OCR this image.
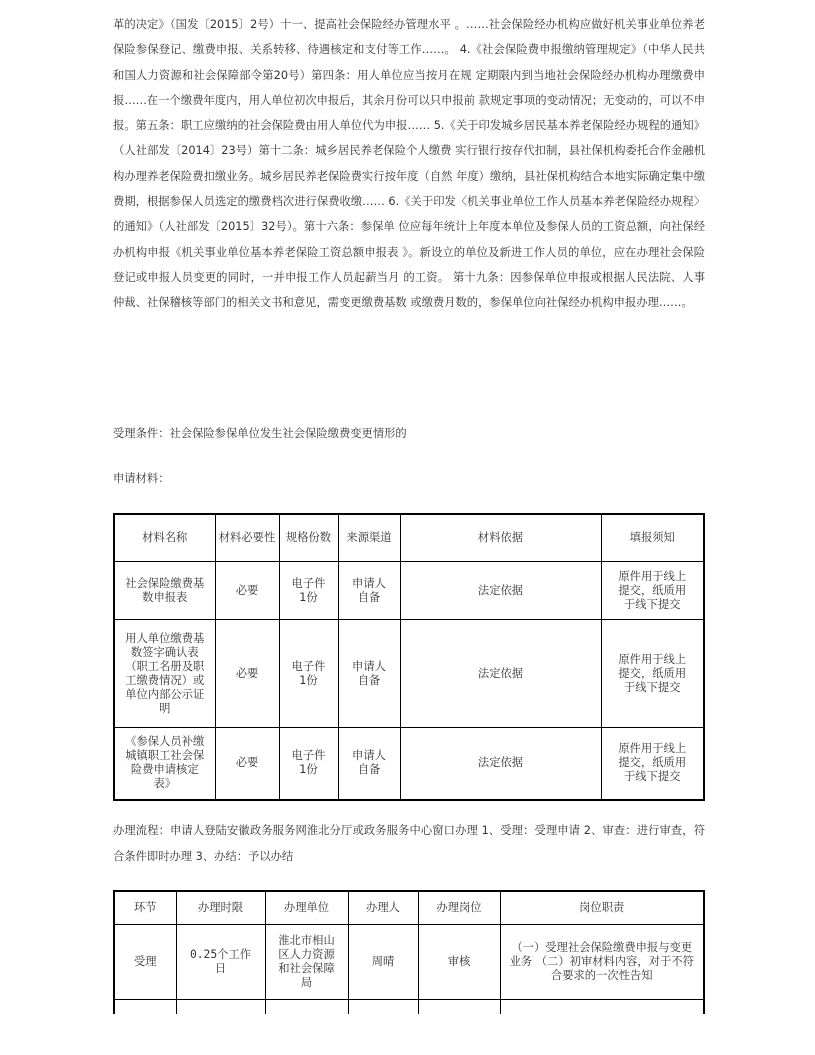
革的决定》（国发〔2015〕2号）十一、提高社会保险经办管理水平 。……社会保险经办机构应做好机关事业单位养老保险参保登记、缴费申报、关系转移、待遇核定和支付等工作……。 4.《社会保险费申报缴纳管理规定》（中华人民共和国人力资源和社会保障部令第20号）第四条：用人单位应当按月在规 定期限内到当地社会保险经办机构办理缴费申报……在一个缴费年度内，用人单位初次申报后，其余月份可以只申报前 款规定事项的变动情况；无变动的，可以不申报。第五条：职工应缴纳的社会保险费由用人单位代为申报…… 5.《关于印发城乡居民基本养老保险经办规程的通知》（人社部发〔2014〕23号）第十二条：城乡居民养老保险个人缴费 实行银行按存代扣制，县社保机构委托合作金融机构办理养老保险费扣缴业务。城乡居民养老保险费实行按年度（自然 年度）缴纳，县社保机构结合本地实际确定集中缴费期，根据参保人员选定的缴费档次进行保费收缴…… 6.《关于印发〈机关事业单位工作人员基本养老保险经办规程〉的通知》（人社部发〔2015〕32号）。第十六条：参保单 位应每年统计上年度本单位及参保人员的工资总额，向社保经办机构申报《机关事业单位基本养老保险工资总额申报表 》。新设立的单位及新进工作人员的单位，应在办理社会保险登记或申报人员变更的同时，一并申报工作人员起薪当月 的工资。 第十九条：因参保单位申报或根据人民法院、人事仲裁、社保稽核等部门的相关文书和意见，需变更缴费基数 或缴费月数的，参保单位向社保经办机构申报办理……。

受理条件：社会保险参保单位发生社会保险缴费变更情形的
申请材料：
材料名称	材料必要性	规格份数	来源渠道	材料依据	填报须知
社会保险缴费基数申报表	必要	电子件1份	申请人自备	法定依据	原件用于线上提交，纸质用于线下提交
用人单位缴费基数签字确认表（职工名册及职工缴费情况）或单位内部公示证明	必要	电子件1份	申请人自备	法定依据	原件用于线上提交，纸质用于线下提交
《参保人员补缴城镇职工社会保险费申请核定表》	必要	电子件1份	申请人自备	法定依据	原件用于线上提交，纸质用于线下提交

办理流程：申请人登陆安徽政务服务网淮北分厅或政务服务中心窗口办理 1、受理：受理申请 2、审查：进行审查，符合条件即时办理 3、办结：予以办结

环节	办理时限	办理单位	办理人	办理岗位	岗位职责
受理	0.25个工作日	淮北市相山区人力资源和社会保障局	周晴	审核	（一）受理社会保险缴费申报与变更业务 （二）初审材料内容，对于不符合要求的一次性告知
